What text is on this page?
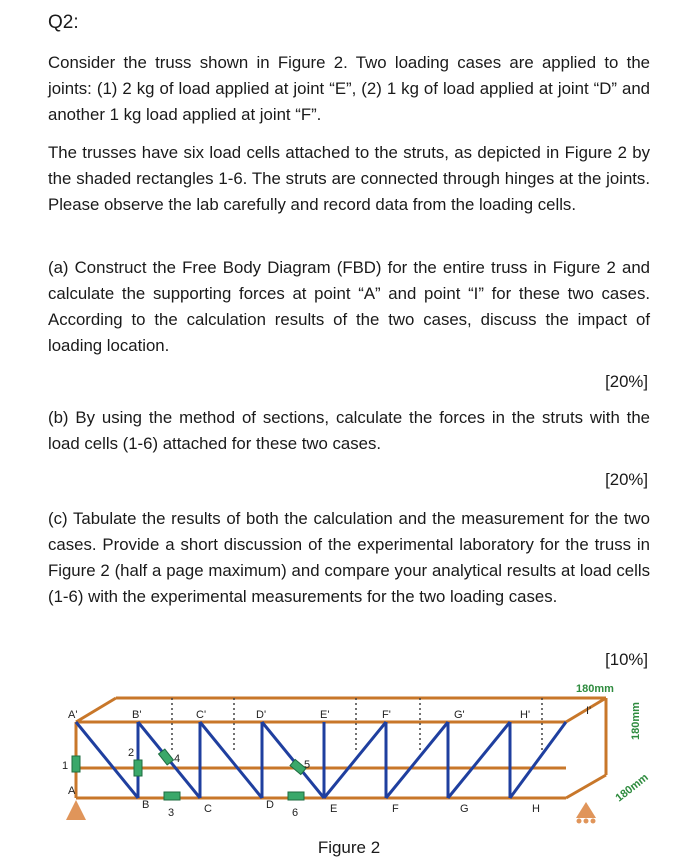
Q2:
Consider the truss shown in Figure 2. Two loading cases are applied to the joints: (1) 2 kg of load applied at joint “E”, (2) 1 kg of load applied at joint “D” and another 1 kg load applied at joint “F”.
The trusses have six load cells attached to the struts, as depicted in Figure 2 by the shaded rectangles 1-6. The struts are connected through hinges at the joints. Please observe the lab carefully and record data from the loading cells.
(a) Construct the Free Body Diagram (FBD) for the entire truss in Figure 2 and calculate the supporting forces at point “A” and point “I” for these two cases. According to the calculation results of the two cases, discuss the impact of loading location.
[20%]
(b) By using the method of sections, calculate the forces in the struts with the load cells (1-6) attached for these two cases.
[20%]
(c) Tabulate the results of both the calculation and the measurement for the two cases. Provide a short discussion of the experimental laboratory for the truss in Figure 2 (half a page maximum) and compare your analytical results at load cells (1-6) with the experimental measurements for the two loading cases.
[10%]
180mm
180mm
180mm
A'	B'	C'	D'	E'	F'	G'	H'	I'
A
B	C	D	E	F	G	H
1
2
3
4	5
6
Figure 2
